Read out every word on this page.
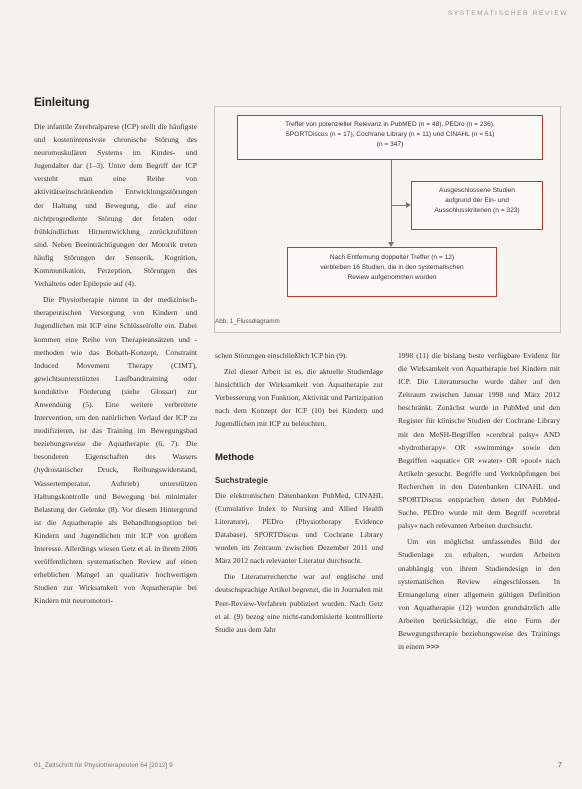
SYSTEMATISCHER REVIEW
Einleitung

Die infantile Zerebralparese (ICP) stellt die häufigste und kostenintensivste chronische Störung des neuromuskulären Systems im Kindes- und Jugendalter dar (1–3). Unter dem Begriff der ICP versteht man eine Reihe von aktivitätseinschränkenden Entwicklungsstörungen der Haltung und Bewegung, die auf eine nichtprogrediente Störung der fetalen oder frühkindlichen Hirnentwicklung zurückzuführen sind. Neben Beeinträchtigungen der Motorik treten häufig Störungen der Sensorik, Kognition, Kommunikation, Perzeption, Störungen des Verhaltens oder Epilepsie auf (4).

Die Physiotherapie nimmt in der medizinisch-therapeutischen Versorgung von Kindern und Jugendlichen mit ICP eine Schlüsselrolle ein. Dabei kommen eine Reihe von Therapieansätzen und -methoden wie das Bobath-Konzept, Constraint Induced Movement Therapy (CIMT), gewichtsunterstütztes Laufbandtraining oder konduktive Förderung (siehe Glossar) zur Anwendung (5). Eine weitere verbreitete Intervention, um den natürlichen Verlauf der ICP zu modifizieren, ist das Training im Bewegungsbad beziehungsweise die Aquatherapie (6, 7). Die besonderen Eigenschaften des Wassers (hydrostatischer Druck, Reibungswiderstand, Wassertemperatur, Auftrieb) unterstützen Haltungskontrolle und Bewegung bei minimaler Belastung der Gelenke (8). Vor diesem Hintergrund ist die Aquatherapie als Behandlungsoption bei Kindern und Jugendlichen mit ICP von großem Interesse. Allerdings wiesen Getz et al. in ihrem 2006 veröffentlichten systematischen Review auf einen erheblichen Mangel an qualitativ hochwertigen Studien zur Wirksamkeit von Aquatherapie bei Kindern mit neuromotori-

Treffer von potenzieller Relevanz in PubMED (n = 48), PEDro (n = 236),
SPORTDiscus (n = 17), Cochrane Library (n = 11) und CINAHL (n = 51)
(n = 347)
Ausgeschlossene Studien
aufgrund der Ein- und
Ausschlusskriterien (n = 323)
Nach Entfernung doppelter Treffer (n = 12)
verbleiben 16 Studien, die in den systematischen
Review aufgenommen wurden
Abb. 1_Flussdiagramm

schen Störungen einschließlich ICP hin (9).

Ziel dieser Arbeit ist es, die aktuelle Studienlage hinsichtlich der Wirksamkeit von Aquatherapie zur Verbesserung von Funktion, Aktivität und Partizipation nach dem Konzept der ICF (10) bei Kindern und Jugendlichen mit ICP zu beleuchten.

Methode
Suchstrategie

Die elektronischen Datenbanken PubMed, CINAHL (Cumulative Index to Nursing and Allied Health Literature), PEDro (Physiotherapy Evidence Database), SPORTDiscus und Cochrane Library wurden im Zeitraum zwischen Dezember 2011 und März 2012 nach relevanter Literatur durchsucht.

Die Literaturrecherche war auf englische und deutschsprachige Artikel begrenzt, die in Journalen mit Peer-Review-Verfahren publiziert wurden. Nach Getz et al. (9) bezog eine nicht-randomisierte kontrollierte Studie aus dem Jahr

1998 (11) die bislang beste verfügbare Evidenz für die Wirksamkeit von Aquatherapie bei Kindern mit ICP. Die Literatursuche wurde daher auf den Zeitraum zwischen Januar 1998 und März 2012 beschränkt. Zunächst wurde in PubMed und den Register für klinische Studien der Cochrane Library mit den MeSH-Begriffen »cerebral palsy« AND »hydrotherapy« OR »swimming« sowie den Begriffen »aquatic« OR »water« OR »pool« nach Artikeln gesucht. Begriffe und Verknüpfungen bei Recherchen in den Datenbanken CINAHL und SPORTDiscus entsprachen denen der PubMed-Suche. PEDro wurde mit dem Begriff »cerebral palsy« nach relevanten Arbeiten durchsucht.

Um ein möglichst umfassendes Bild der Studienlage zu erhalten, wurden Arbeiten unabhängig von ihrem Studiendesign in den systematischen Review eingeschlossen. In Ermangelung einer allgemein gültigen Definition von Aquatherapie (12) wurden grundsätzlich alle Arbeiten berücksichtigt, die eine Form der Bewegungstherapie beziehungsweise des Trainings in einem >>>

01_Zeitschrift für Physiotherapeuten 64 [2012] 9	7
